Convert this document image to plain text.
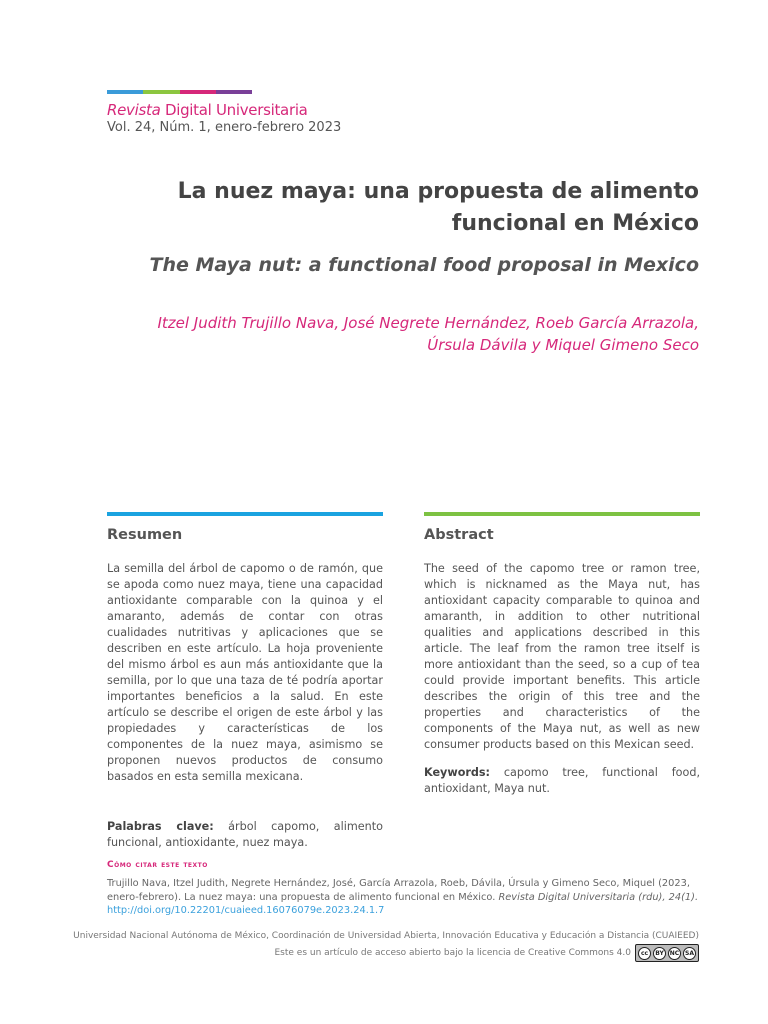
Revista Digital Universitaria
Vol. 24, Núm. 1, enero-febrero 2023
La nuez maya: una propuesta de alimento funcional en México
The Maya nut: a functional food proposal in Mexico
Itzel Judith Trujillo Nava, José Negrete Hernández, Roeb García Arrazola,
Úrsula Dávila y Miquel Gimeno Seco
Resumen

La semilla del árbol de capomo o de ramón, que se apoda como nuez maya, tiene una capacidad antioxidante comparable con la quinoa y el amaranto, además de contar con otras cualidades nutritivas y aplicaciones que se describen en este artículo. La hoja proveniente del mismo árbol es aun más antioxidante que la semilla, por lo que una taza de té podría aportar importantes beneficios a la salud. En este artículo se describe el origen de este árbol y las propiedades y características de los componentes de la nuez maya, asimismo se proponen nuevos productos de consumo basados en esta semilla mexicana.

Palabras clave: árbol capomo, alimento funcional, antioxidante, nuez maya.

Abstract

The seed of the capomo tree or ramon tree, which is nicknamed as the Maya nut, has antioxidant capacity comparable to quinoa and amaranth, in addition to other nutritional qualities and applications described in this article. The leaf from the ramon tree itself is more antioxidant than the seed, so a cup of tea could provide important benefits. This article describes the origin of this tree and the properties and characteristics of the components of the Maya nut, as well as new consumer products based on this Mexican seed.

Keywords: capomo tree, functional food, antioxidant, Maya nut.

Cómo citar este texto
Trujillo Nava, Itzel Judith, Negrete Hernández, José, García Arrazola, Roeb, Dávila, Úrsula y Gimeno Seco, Miquel (2023, enero-febrero). La nuez maya: una propuesta de alimento funcional en México. Revista Digital Universitaria (rdu), 24(1). http://doi.org/10.22201/cuaieed.16076079e.2023.24.1.7
Universidad Nacional Autónoma de México, Coordinación de Universidad Abierta, Innovación Educativa y Educación a Distancia (CUAIEED)
Este es un artículo de acceso abierto bajo la licencia de Creative Commons 4.0	cc	BY NC SA
